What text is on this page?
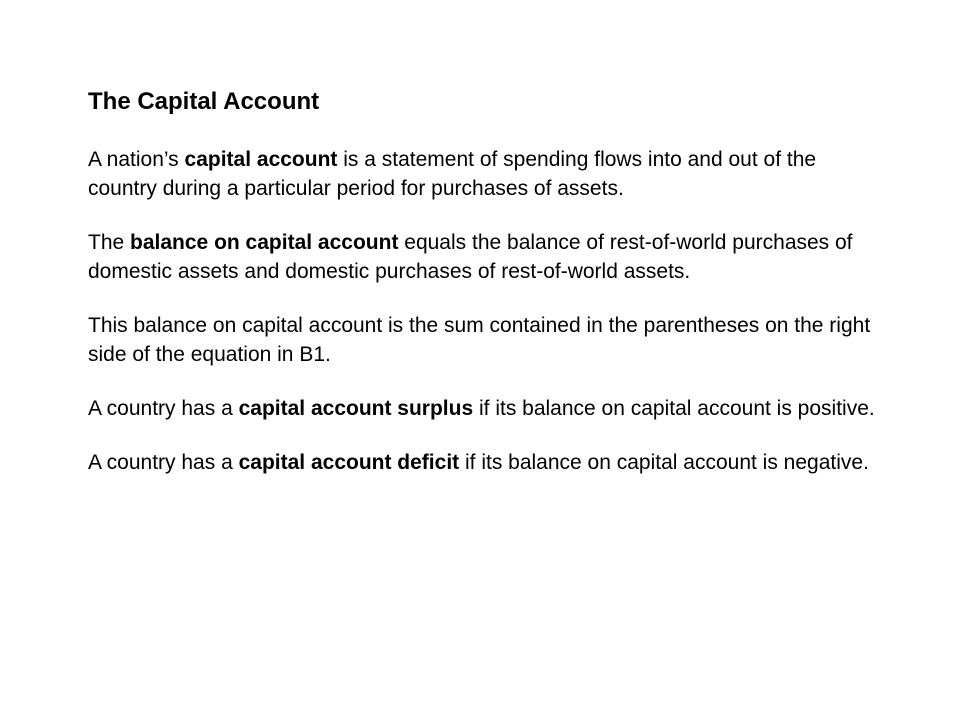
The Capital Account

A nation’s capital account is a statement of spending flows into and out of the country during a particular period for purchases of assets.

The balance on capital account equals the balance of rest-of-world purchases of domestic assets and domestic purchases of rest-of-world assets.

This balance on capital account is the sum contained in the parentheses on the right side of the equation in B1.

A country has a capital account surplus if its balance on capital account is positive.

A country has a capital account deficit if its balance on capital account is negative.
